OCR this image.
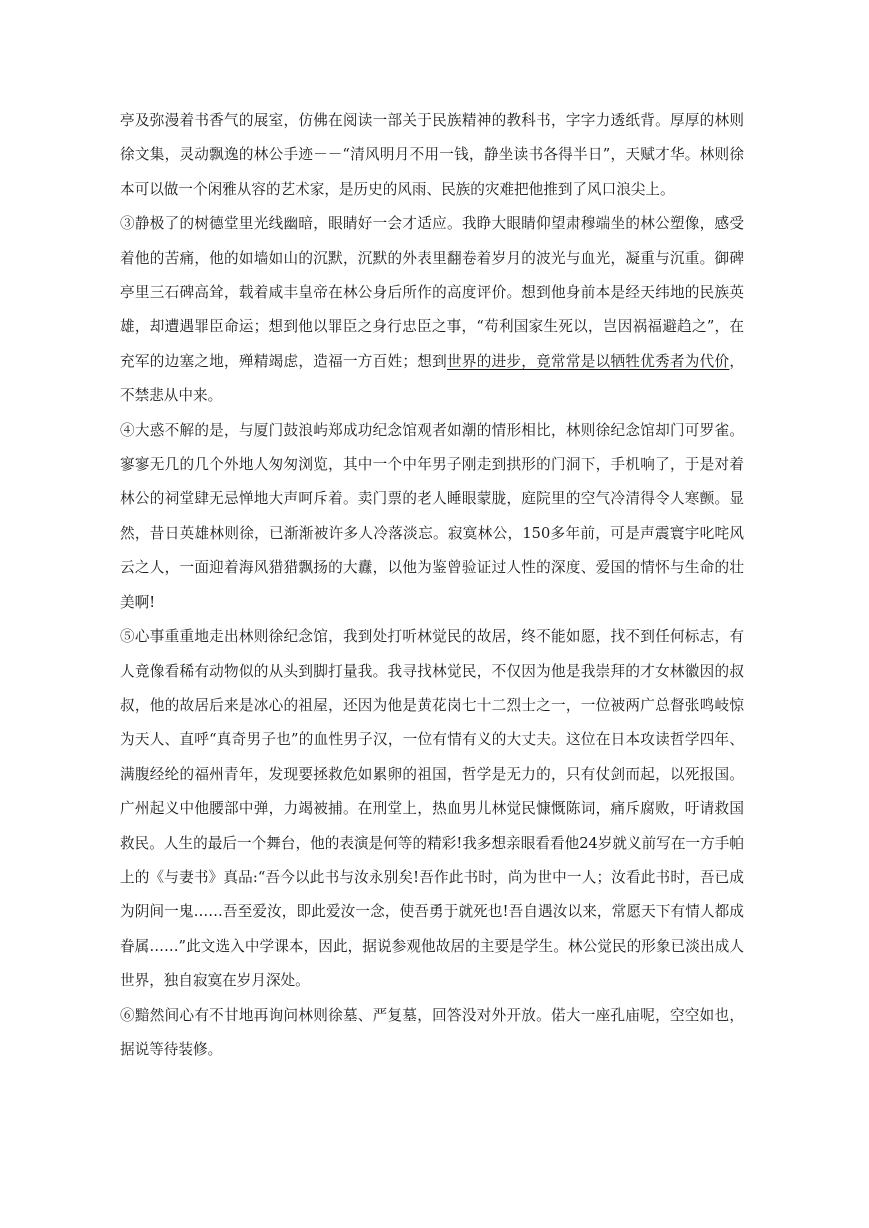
亭及弥漫着书香气的展室，仿佛在阅读一部关于民族精神的教科书，字字力透纸背。厚厚的林则徐文集，灵动飘逸的林公手迹－－“清风明月不用一钱，静坐读书各得半日”，天赋才华。林则徐本可以做一个闲雅从容的艺术家，是历史的风雨、民族的灾难把他推到了风口浪尖上。

③静极了的树德堂里光线幽暗，眼睛好一会才适应。我睁大眼睛仰望肃穆端坐的林公塑像，感受着他的苦痛，他的如墙如山的沉默，沉默的外表里翻卷着岁月的波光与血光，凝重与沉重。御碑亭里三石碑高耸，载着咸丰皇帝在林公身后所作的高度评价。想到他身前本是经天纬地的民族英雄，却遭遇罪臣命运；想到他以罪臣之身行忠臣之事，“苟利国家生死以，岂因祸福避趋之”，在充军的边塞之地，殚精竭虑，造福一方百姓；想到世界的进步，竟常常是以牺牲优秀者为代价，不禁悲从中来。

④大惑不解的是，与厦门鼓浪屿郑成功纪念馆观者如潮的情形相比，林则徐纪念馆却门可罗雀。寥寥无几的几个外地人匆匆浏览，其中一个中年男子刚走到拱形的门洞下，手机响了，于是对着林公的祠堂肆无忌惮地大声呵斥着。卖门票的老人睡眼蒙胧，庭院里的空气冷清得令人寒颤。显然，昔日英雄林则徐，已渐渐被许多人冷落淡忘。寂寞林公，150多年前，可是声震寰宇叱咤风云之人，一面迎着海风猎猎飘扬的大纛，以他为鉴曾验证过人性的深度、爱国的情怀与生命的壮美啊!

⑤心事重重地走出林则徐纪念馆，我到处打听林觉民的故居，终不能如愿，找不到任何标志，有人竟像看稀有动物似的从头到脚打量我。我寻找林觉民，不仅因为他是我崇拜的才女林徽因的叔叔，他的故居后来是冰心的祖屋，还因为他是黄花岗七十二烈士之一，一位被两广总督张鸣岐惊为天人、直呼“真奇男子也”的血性男子汉，一位有情有义的大丈夫。这位在日本攻读哲学四年、满腹经纶的福州青年，发现要拯救危如累卵的祖国，哲学是无力的，只有仗剑而起，以死报国。广州起义中他腰部中弹，力竭被捕。在刑堂上，热血男儿林觉民慷慨陈词，痛斥腐败，吁请救国救民。人生的最后一个舞台，他的表演是何等的精彩!我多想亲眼看看他24岁就义前写在一方手帕上的《与妻书》真品:“吾今以此书与汝永别矣!吾作此书时，尚为世中一人；汝看此书时，吾已成为阴间一鬼……吾至爱汝，即此爱汝一念，使吾勇于就死也!吾自遇汝以来，常愿天下有情人都成眷属……”此文选入中学课本，因此，据说参观他故居的主要是学生。林公觉民的形象已淡出成人世界，独自寂寞在岁月深处。

⑥黯然间心有不甘地再询问林则徐墓、严复墓，回答没对外开放。偌大一座孔庙呢，空空如也，据说等待装修。
